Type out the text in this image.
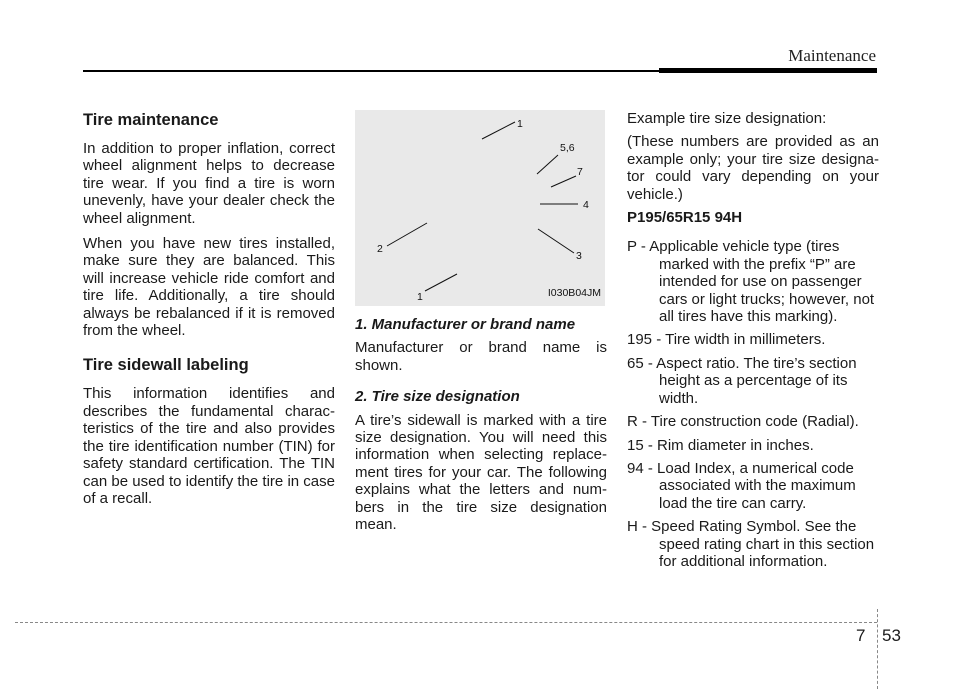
Maintenance
Tire maintenance

In addition to proper inflation, correct wheel alignment helps to decrease tire wear. If you find a tire is worn unevenly, have your dealer check the wheel alignment.

When you have new tires installed, make sure they are balanced. This will increase vehicle ride comfort and tire life. Additionally, a tire should always be rebalanced if it is removed from the wheel.

Tire sidewall labeling

This information identifies and describes the fundamental charac- teristics of the tire and also provides the tire identification number (TIN) for safety standard certification. The TIN can be used to identify the tire in case of a recall.

1
5,6
7
4
2
3
1	I030B04JM
1. Manufacturer or brand name

Manufacturer or brand name is shown.

2. Tire size designation

A tire’s sidewall is marked with a tire size designation. You will need this information when selecting replace- ment tires for your car. The following explains what the letters and num- bers in the tire size designation mean.

Example tire size designation:

(These numbers are provided as an example only; your tire size designa- tor could vary depending on your vehicle.)

P195/65R15 94H

P - Applicable vehicle type (tires marked with the prefix “P” are intended for use on passenger cars or light trucks; however, not all tires have this marking).

195 - Tire width in millimeters.

65 - Aspect ratio. The tire’s section height as a percentage of its width.

R - Tire construction code (Radial).

15 - Rim diameter in inches.

94 - Load Index, a numerical code associated with the maximum load the tire can carry.

H - Speed Rating Symbol. See the speed rating chart in this section for additional information.

7 53
